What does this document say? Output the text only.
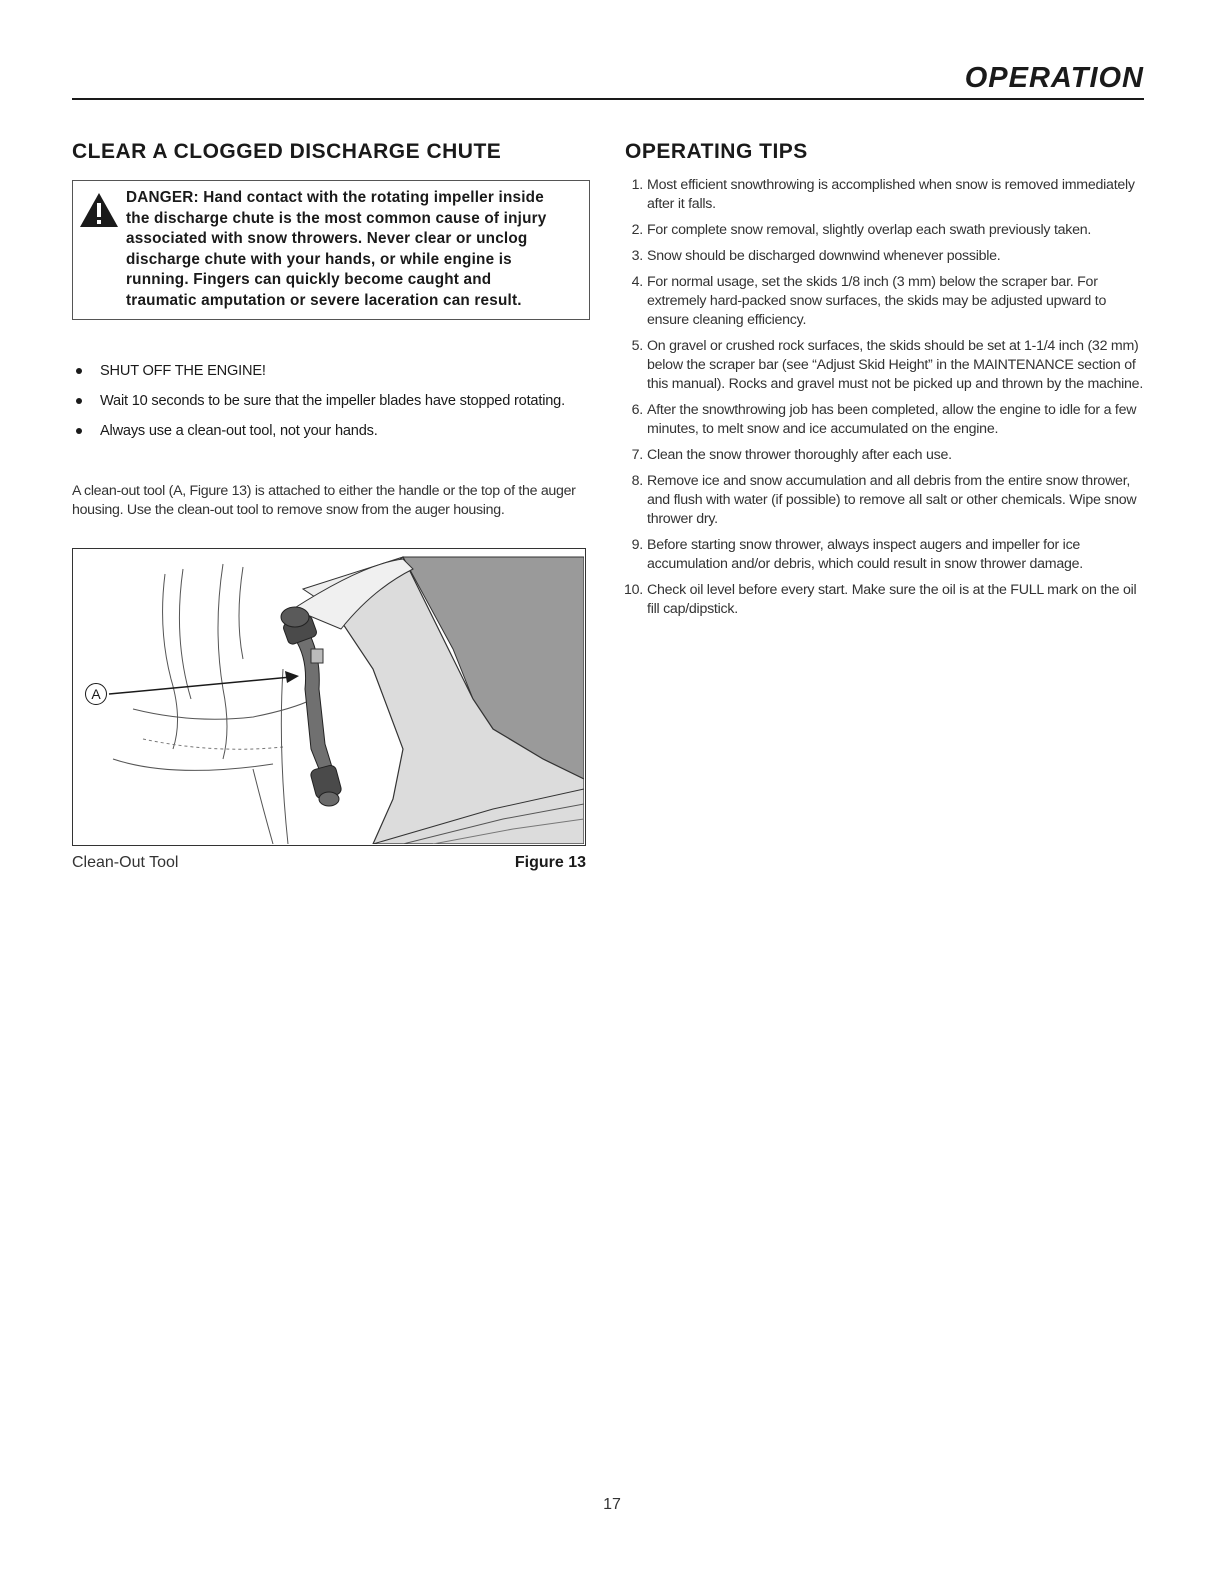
OPERATION
CLEAR A CLOGGED DISCHARGE CHUTE
DANGER: Hand contact with the rotating impeller inside
the discharge chute is the most common cause of injury
associated with snow throwers. Never clear or unclog
discharge chute with your hands, or while engine is
running. Fingers can quickly become caught and
traumatic amputation or severe laceration can result.
SHUT OFF THE ENGINE!
Wait 10 seconds to be sure that the impeller blades have stopped rotating.
Always use a clean-out tool, not your hands.

A clean-out tool (A, Figure 13) is attached to either the handle or the top of the auger housing. Use the clean-out tool to remove snow from the auger housing.

A
Clean-Out Tool	Figure 13
OPERATING TIPS
1. Most efficient snowthrowing is accomplished when snow is removed immediately after it falls.
2. For complete snow removal, slightly overlap each swath previously taken.
3. Snow should be discharged downwind whenever possible.
4. For normal usage, set the skids 1/8 inch (3 mm) below the scraper bar. For extremely hard-packed snow surfaces, the skids may be adjusted upward to ensure cleaning efficiency.
5. On gravel or crushed rock surfaces, the skids should be set at 1-1/4 inch (32 mm) below the scraper bar (see “Adjust Skid Height” in the MAINTENANCE section of this manual). Rocks and gravel must not be picked up and thrown by the machine.
6. After the snowthrowing job has been completed, allow the engine to idle for a few minutes, to melt snow and ice accumulated on the engine.
7. Clean the snow thrower thoroughly after each use.
8. Remove ice and snow accumulation and all debris from the entire snow thrower, and flush with water (if possible) to remove all salt or other chemicals. Wipe snow thrower dry.
9. Before starting snow thrower, always inspect augers and impeller for ice accumulation and/or debris, which could result in snow thrower damage.
10. Check oil level before every start. Make sure the oil is at the FULL mark on the oil fill cap/dipstick.
17
